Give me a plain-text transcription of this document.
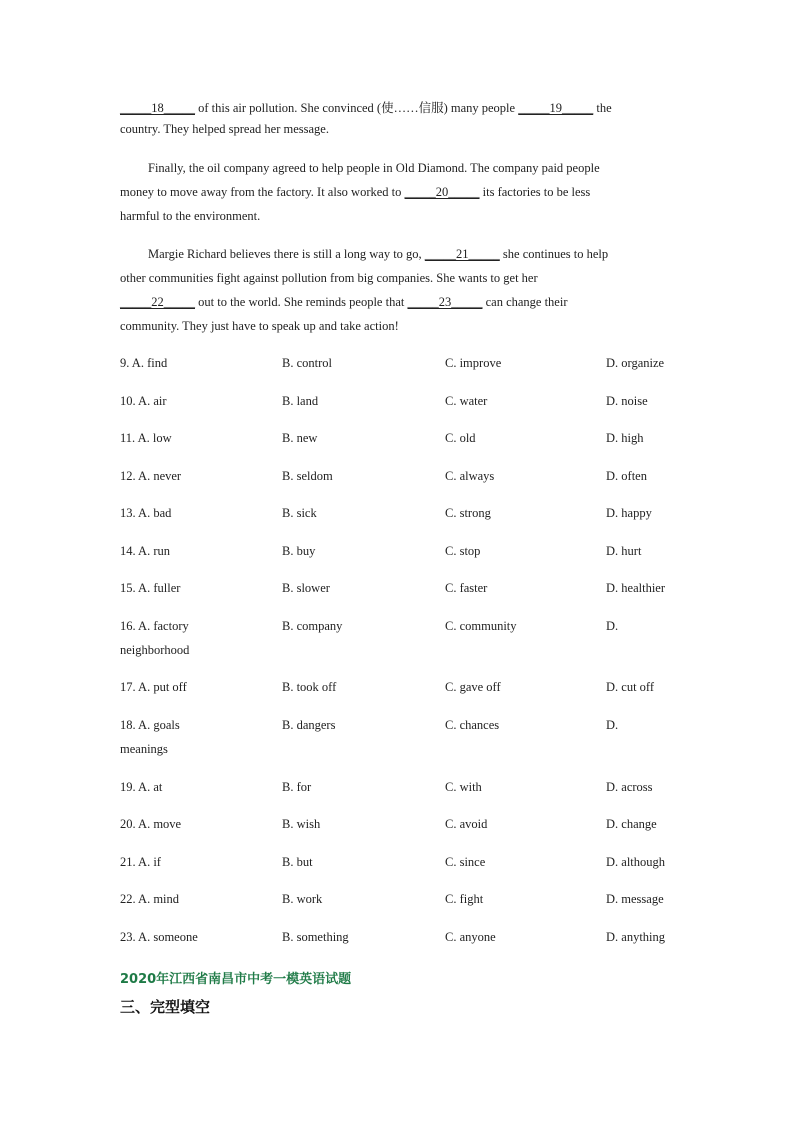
_____18_____ of this air pollution. She convinced (使……信服) many people _____19_____ the
country. They helped spread her message.
Finally, the oil company agreed to help people in Old Diamond. The company paid people
money to move away from the factory. It also worked to _____20_____ its factories to be less
harmful to the environment.
Margie Richard believes there is still a long way to go, _____21_____ she continues to help
other communities fight against pollution from big companies. She wants to get her
_____22_____ out to the world. She reminds people that _____23_____ can change their
community. They just have to speak up and take action!
9. A. find	B. control	C. improve	D. organize
10. A. air	B. land	C. water	D. noise
11. A. low	B. new	C. old	D. high
12. A. never	B. seldom	C. always	D. often
13. A. bad	B. sick	C. strong	D. happy
14. A. run	B. buy	C. stop	D. hurt
15. A. fuller	B. slower	C. faster	D. healthier
16. A. factory	B. company	C. community	D.
neighborhood
17. A. put off	B. took off	C. gave off	D. cut off
18. A. goals	B. dangers	C. chances	D.
meanings
19. A. at	B. for	C. with	D. across
20. A. move	B. wish	C. avoid	D. change
21. A. if	B. but	C. since	D. although
22. A. mind	B. work	C. fight	D. message
23. A. someone	B. something	C. anyone	D. anything
2020年江西省南昌市中考一模英语试题
三、完型填空
